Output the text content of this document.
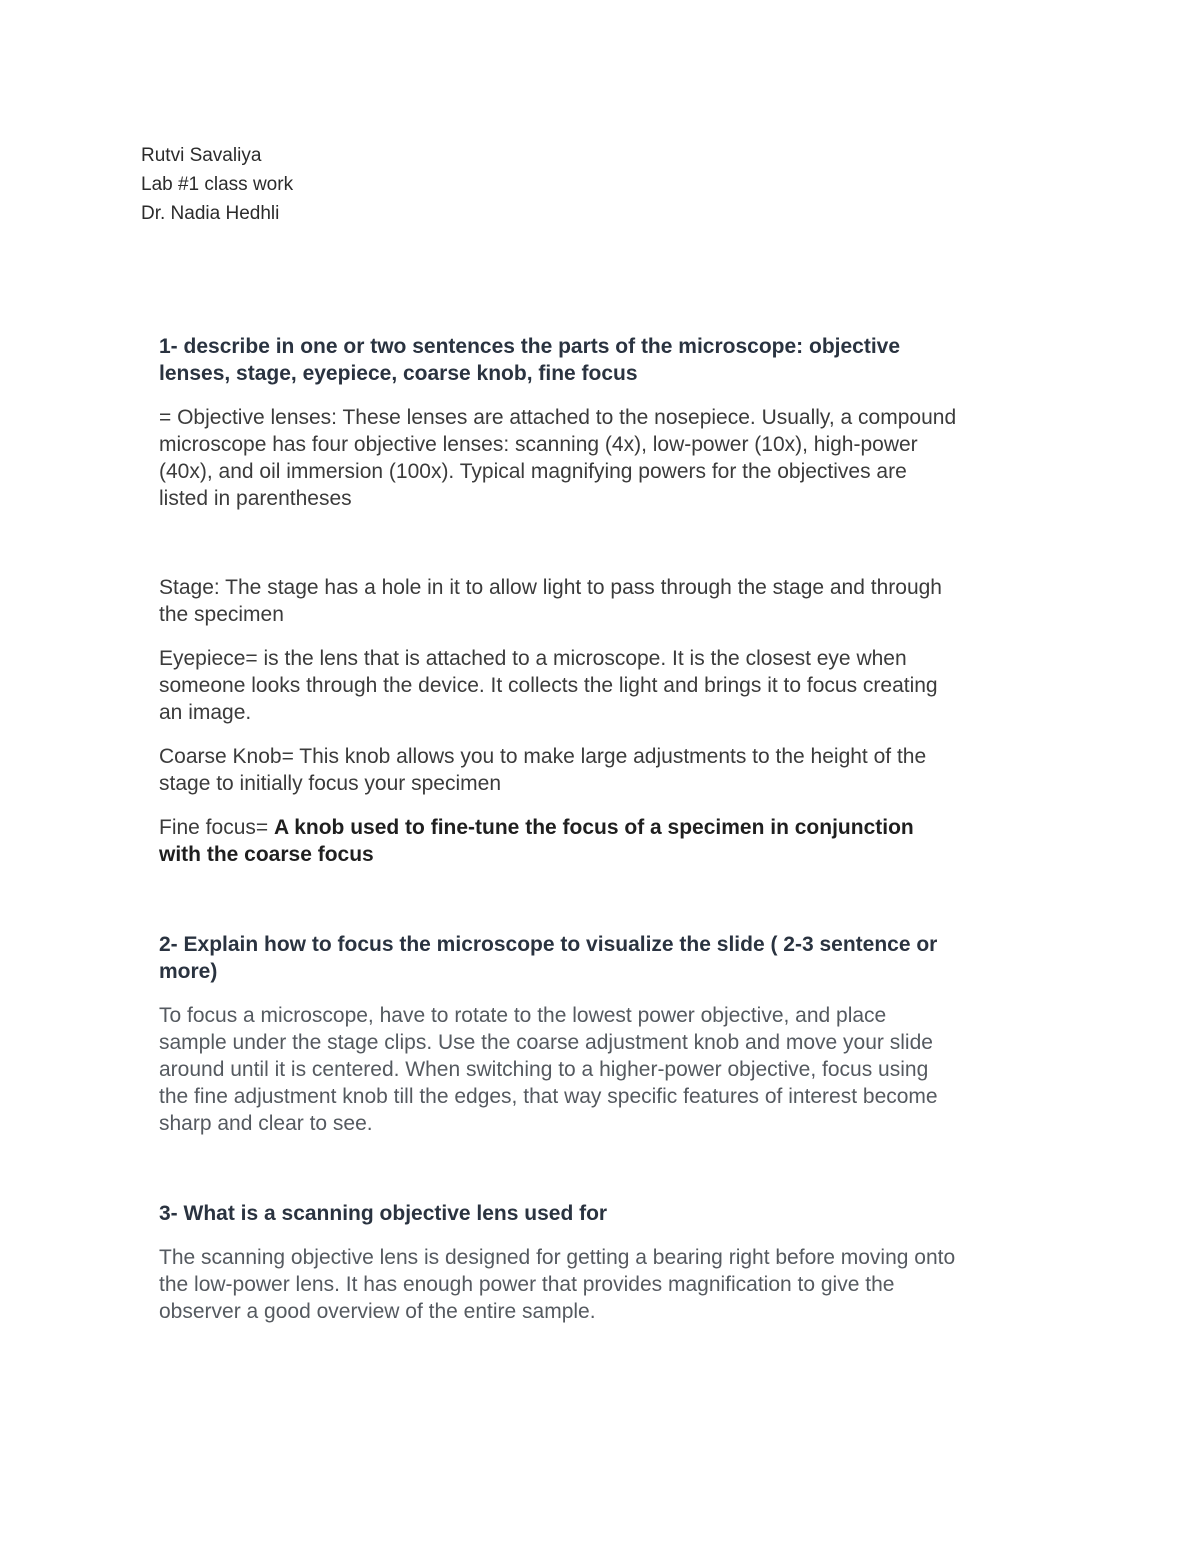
Rutvi Savaliya
Lab #1 class work
Dr. Nadia Hedhli

1- describe in one or two sentences the parts of the microscope: objective lenses, stage, eyepiece, coarse knob, fine focus

= Objective lenses: These lenses are attached to the nosepiece. Usually, a compound microscope has four objective lenses: scanning (4x), low-power (10x), high-power (40x), and oil immersion (100x). Typical magnifying powers for the objectives are listed in parentheses

Stage: The stage has a hole in it to allow light to pass through the stage and through the specimen

Eyepiece= is the lens that is attached to a microscope. It is the closest eye when someone looks through the device. It collects the light and brings it to focus creating an image.

Coarse Knob= This knob allows you to make large adjustments to the height of the stage to initially focus your specimen

Fine focus= A knob used to fine-tune the focus of a specimen in conjunction with the coarse focus

2- Explain how to focus the microscope to visualize the slide ( 2-3 sentence or more)

To focus a microscope, have to rotate to the lowest power objective, and place sample under the stage clips. Use the coarse adjustment knob and move your slide around until it is centered. When switching to a higher-power objective, focus using the fine adjustment knob till the edges, that way specific features of interest become sharp and clear to see.

3- What is a scanning objective lens used for

The scanning objective lens is designed for getting a bearing right before moving onto the low-power lens. It has enough power that provides magnification to give the observer a good overview of the entire sample.
